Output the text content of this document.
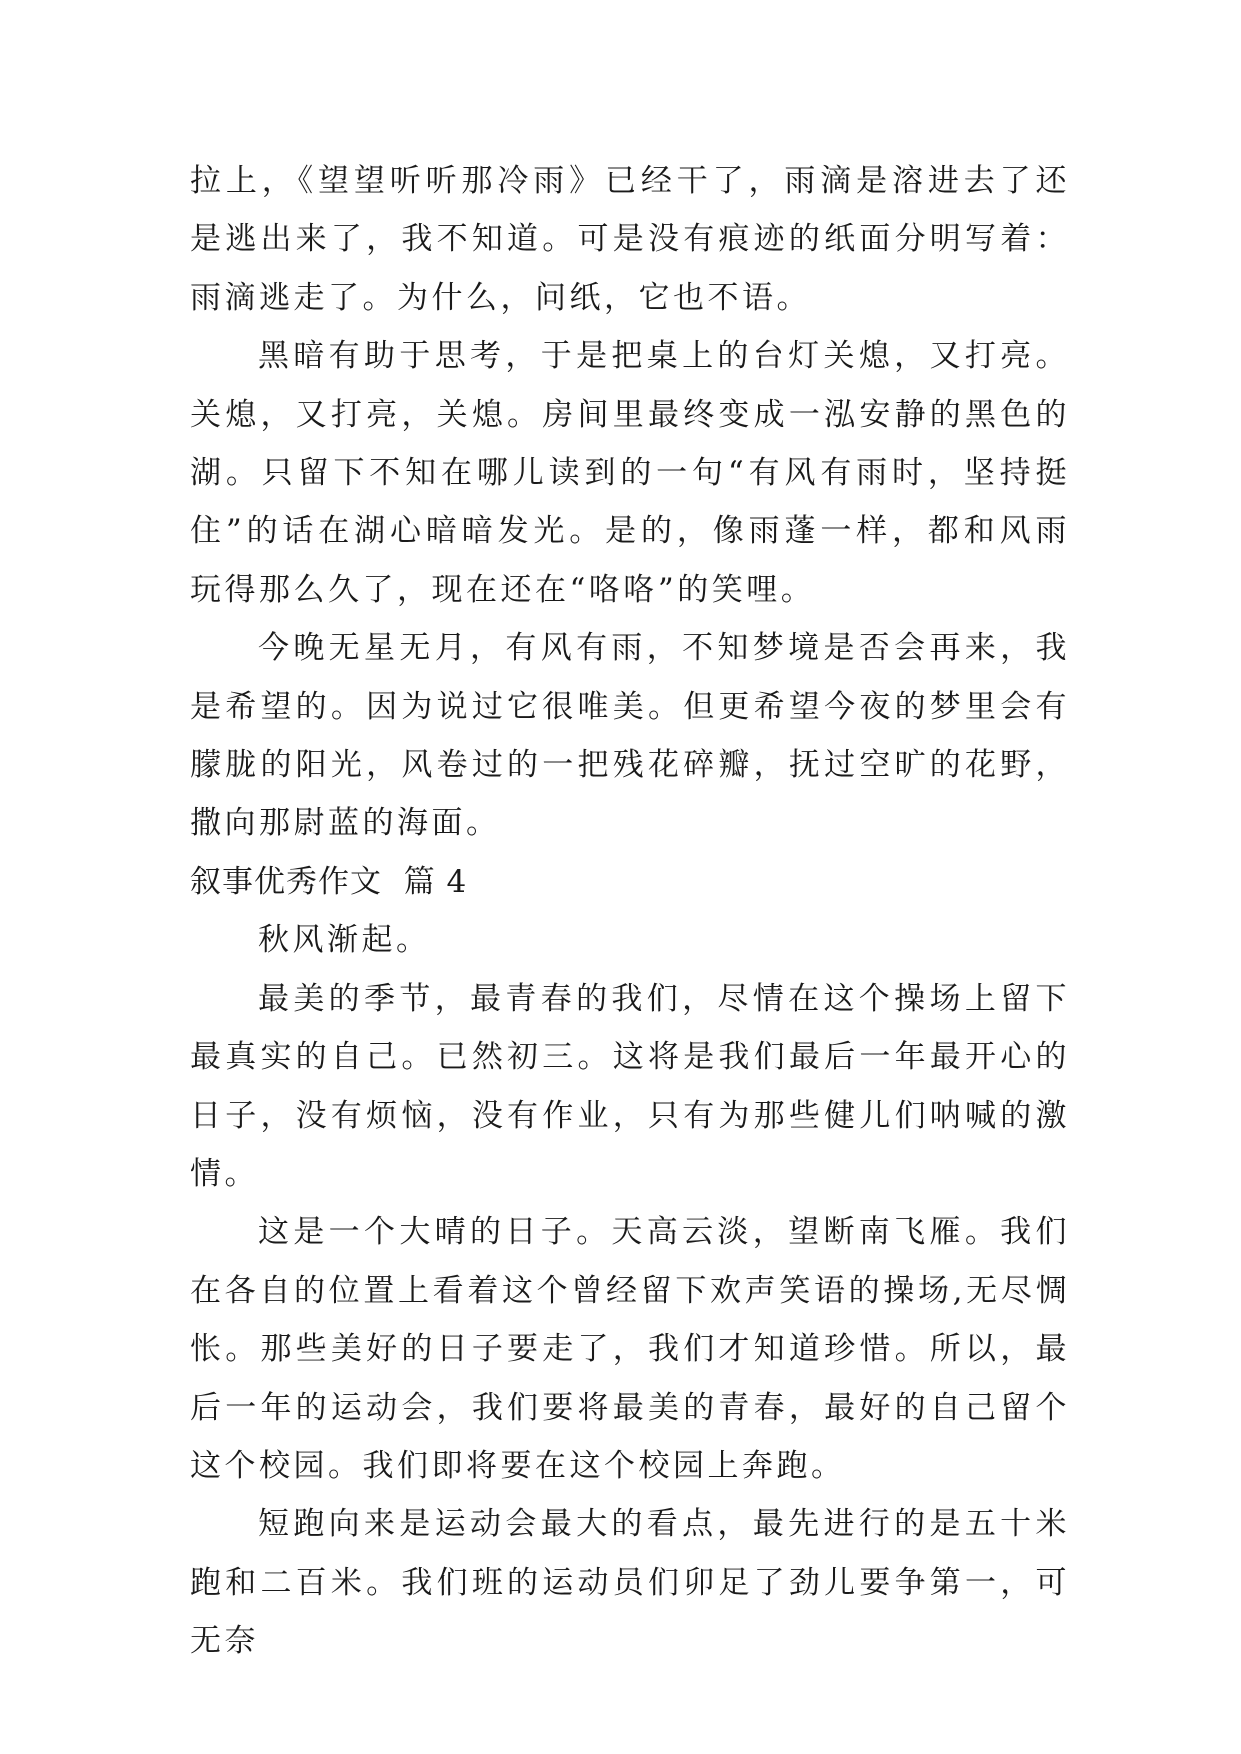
拉上，《望望听听那冷雨》已经干了，雨滴是溶进去了还是逃出来了，我不知道。可是没有痕迹的纸面分明写着：雨滴逃走了。为什么，问纸，它也不语。

黑暗有助于思考，于是把桌上的台灯关熄，又打亮。关熄，又打亮，关熄。房间里最终变成一泓安静的黑色的湖。只留下不知在哪儿读到的一句“有风有雨时，坚持挺住”的话在湖心暗暗发光。是的，像雨蓬一样，都和风雨玩得那么久了，现在还在“咯咯”的笑哩。

今晚无星无月，有风有雨，不知梦境是否会再来，我是希望的。因为说过它很唯美。但更希望今夜的梦里会有朦胧的阳光，风卷过的一把残花碎瓣，抚过空旷的花野，撒向那尉蓝的海面。

叙事优秀作文  篇 4

秋风渐起。

最美的季节，最青春的我们，尽情在这个操场上留下最真实的自己。已然初三。这将是我们最后一年最开心的日子，没有烦恼，没有作业，只有为那些健儿们呐喊的激情。

这是一个大晴的日子。天高云淡，望断南飞雁。我们在各自的位置上看着这个曾经留下欢声笑语的操场,无尽惆怅。那些美好的日子要走了，我们才知道珍惜。所以，最后一年的运动会，我们要将最美的青春，最好的自己留个这个校园。我们即将要在这个校园上奔跑。

短跑向来是运动会最大的看点，最先进行的是五十米跑和二百米。我们班的运动员们卯足了劲儿要争第一，可无奈
